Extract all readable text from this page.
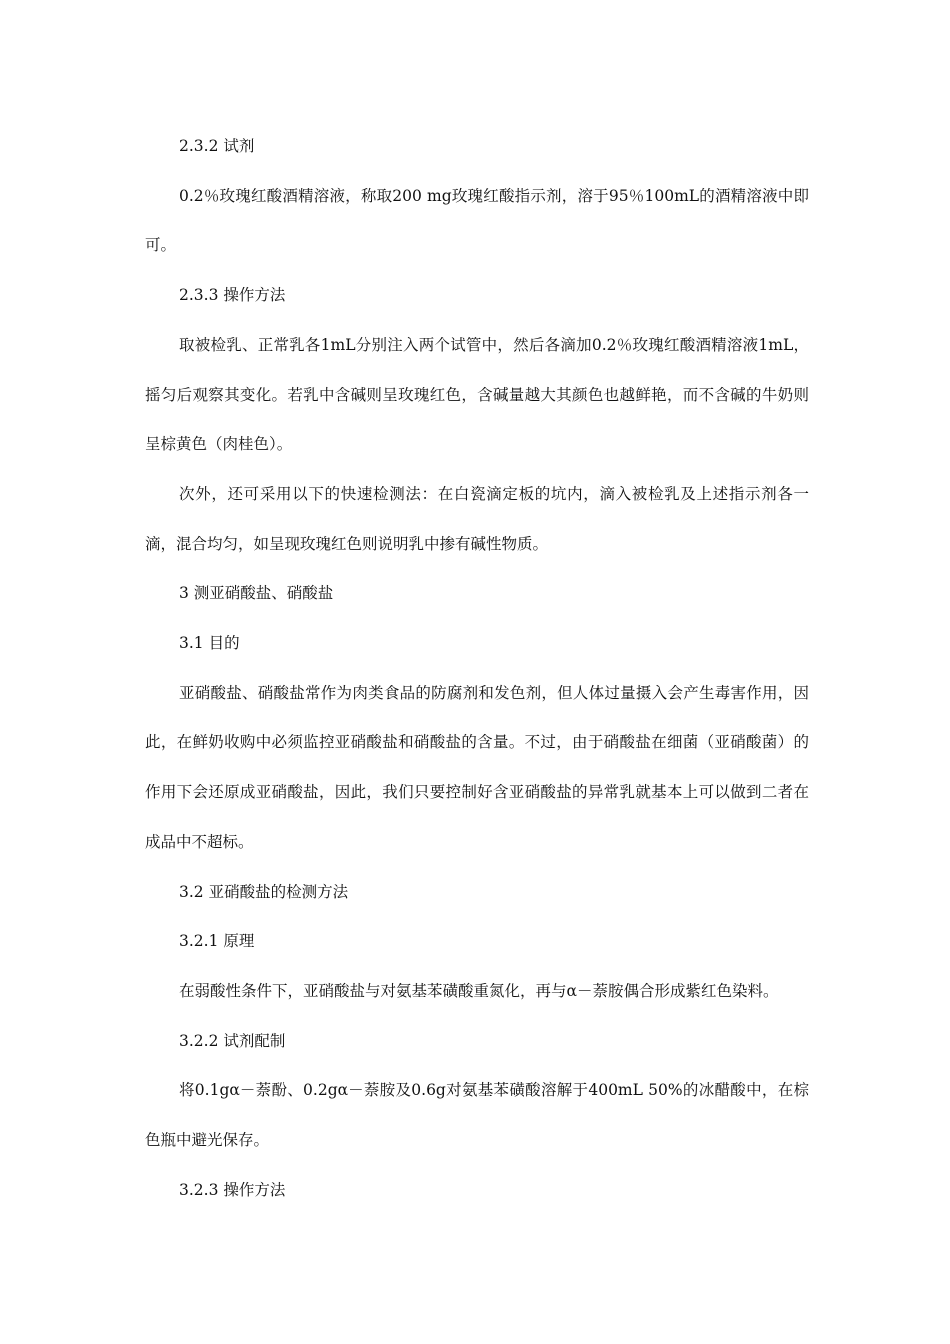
2.3.2 试剂

0.2％玫瑰红酸酒精溶液，称取200 mg玫瑰红酸指示剂，溶于95％100mL的酒精溶液中即可。

2.3.3 操作方法

取被检乳、正常乳各1mL分别注入两个试管中，然后各滴加0.2％玫瑰红酸酒精溶液1mL，摇匀后观察其变化。若乳中含碱则呈玫瑰红色，含碱量越大其颜色也越鲜艳，而不含碱的牛奶则呈棕黄色（肉桂色）。

次外，还可采用以下的快速检测法：在白瓷滴定板的坑内，滴入被检乳及上述指示剂各一滴，混合均匀，如呈现玫瑰红色则说明乳中掺有碱性物质。

3 测亚硝酸盐、硝酸盐

3.1 目的

亚硝酸盐、硝酸盐常作为肉类食品的防腐剂和发色剂，但人体过量摄入会产生毒害作用，因此，在鲜奶收购中必须监控亚硝酸盐和硝酸盐的含量。不过，由于硝酸盐在细菌（亚硝酸菌）的作用下会还原成亚硝酸盐，因此，我们只要控制好含亚硝酸盐的异常乳就基本上可以做到二者在成品中不超标。

3.2 亚硝酸盐的检测方法

3.2.1 原理

在弱酸性条件下，亚硝酸盐与对氨基苯磺酸重氮化，再与α－萘胺偶合形成紫红色染料。

3.2.2 试剂配制

将0.1gα－萘酚、0.2gα－萘胺及0.6g对氨基苯磺酸溶解于400mL 50%的冰醋酸中，在棕色瓶中避光保存。

3.2.3 操作方法
